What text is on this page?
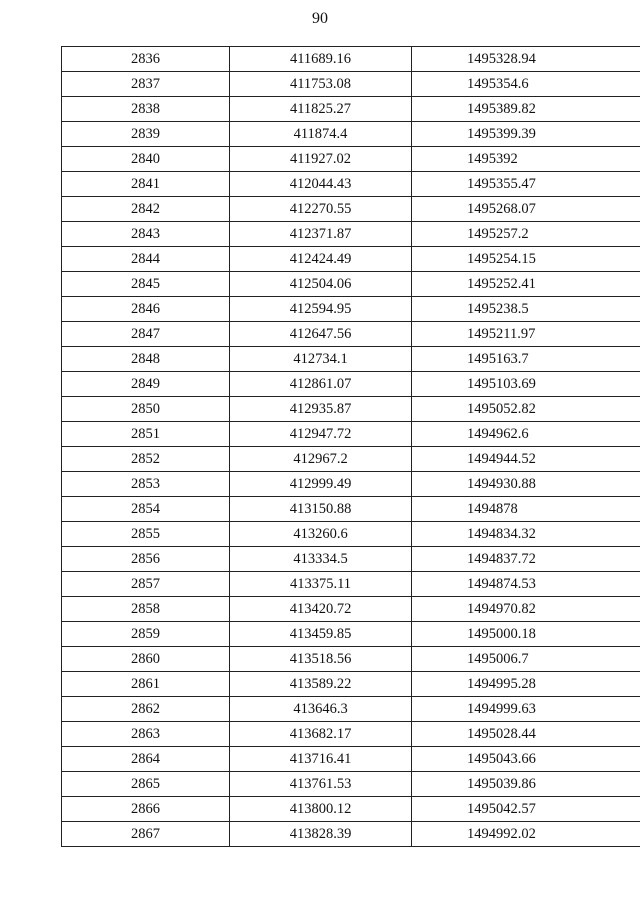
90
2836	411689.16	1495328.94
2837	411753.08	1495354.6
2838	411825.27	1495389.82
2839	411874.4	1495399.39
2840	411927.02	1495392
2841	412044.43	1495355.47
2842	412270.55	1495268.07
2843	412371.87	1495257.2
2844	412424.49	1495254.15
2845	412504.06	1495252.41
2846	412594.95	1495238.5
2847	412647.56	1495211.97
2848	412734.1	1495163.7
2849	412861.07	1495103.69
2850	412935.87	1495052.82
2851	412947.72	1494962.6
2852	412967.2	1494944.52
2853	412999.49	1494930.88
2854	413150.88	1494878
2855	413260.6	1494834.32
2856	413334.5	1494837.72
2857	413375.11	1494874.53
2858	413420.72	1494970.82
2859	413459.85	1495000.18
2860	413518.56	1495006.7
2861	413589.22	1494995.28
2862	413646.3	1494999.63
2863	413682.17	1495028.44
2864	413716.41	1495043.66
2865	413761.53	1495039.86
2866	413800.12	1495042.57
2867	413828.39	1494992.02
